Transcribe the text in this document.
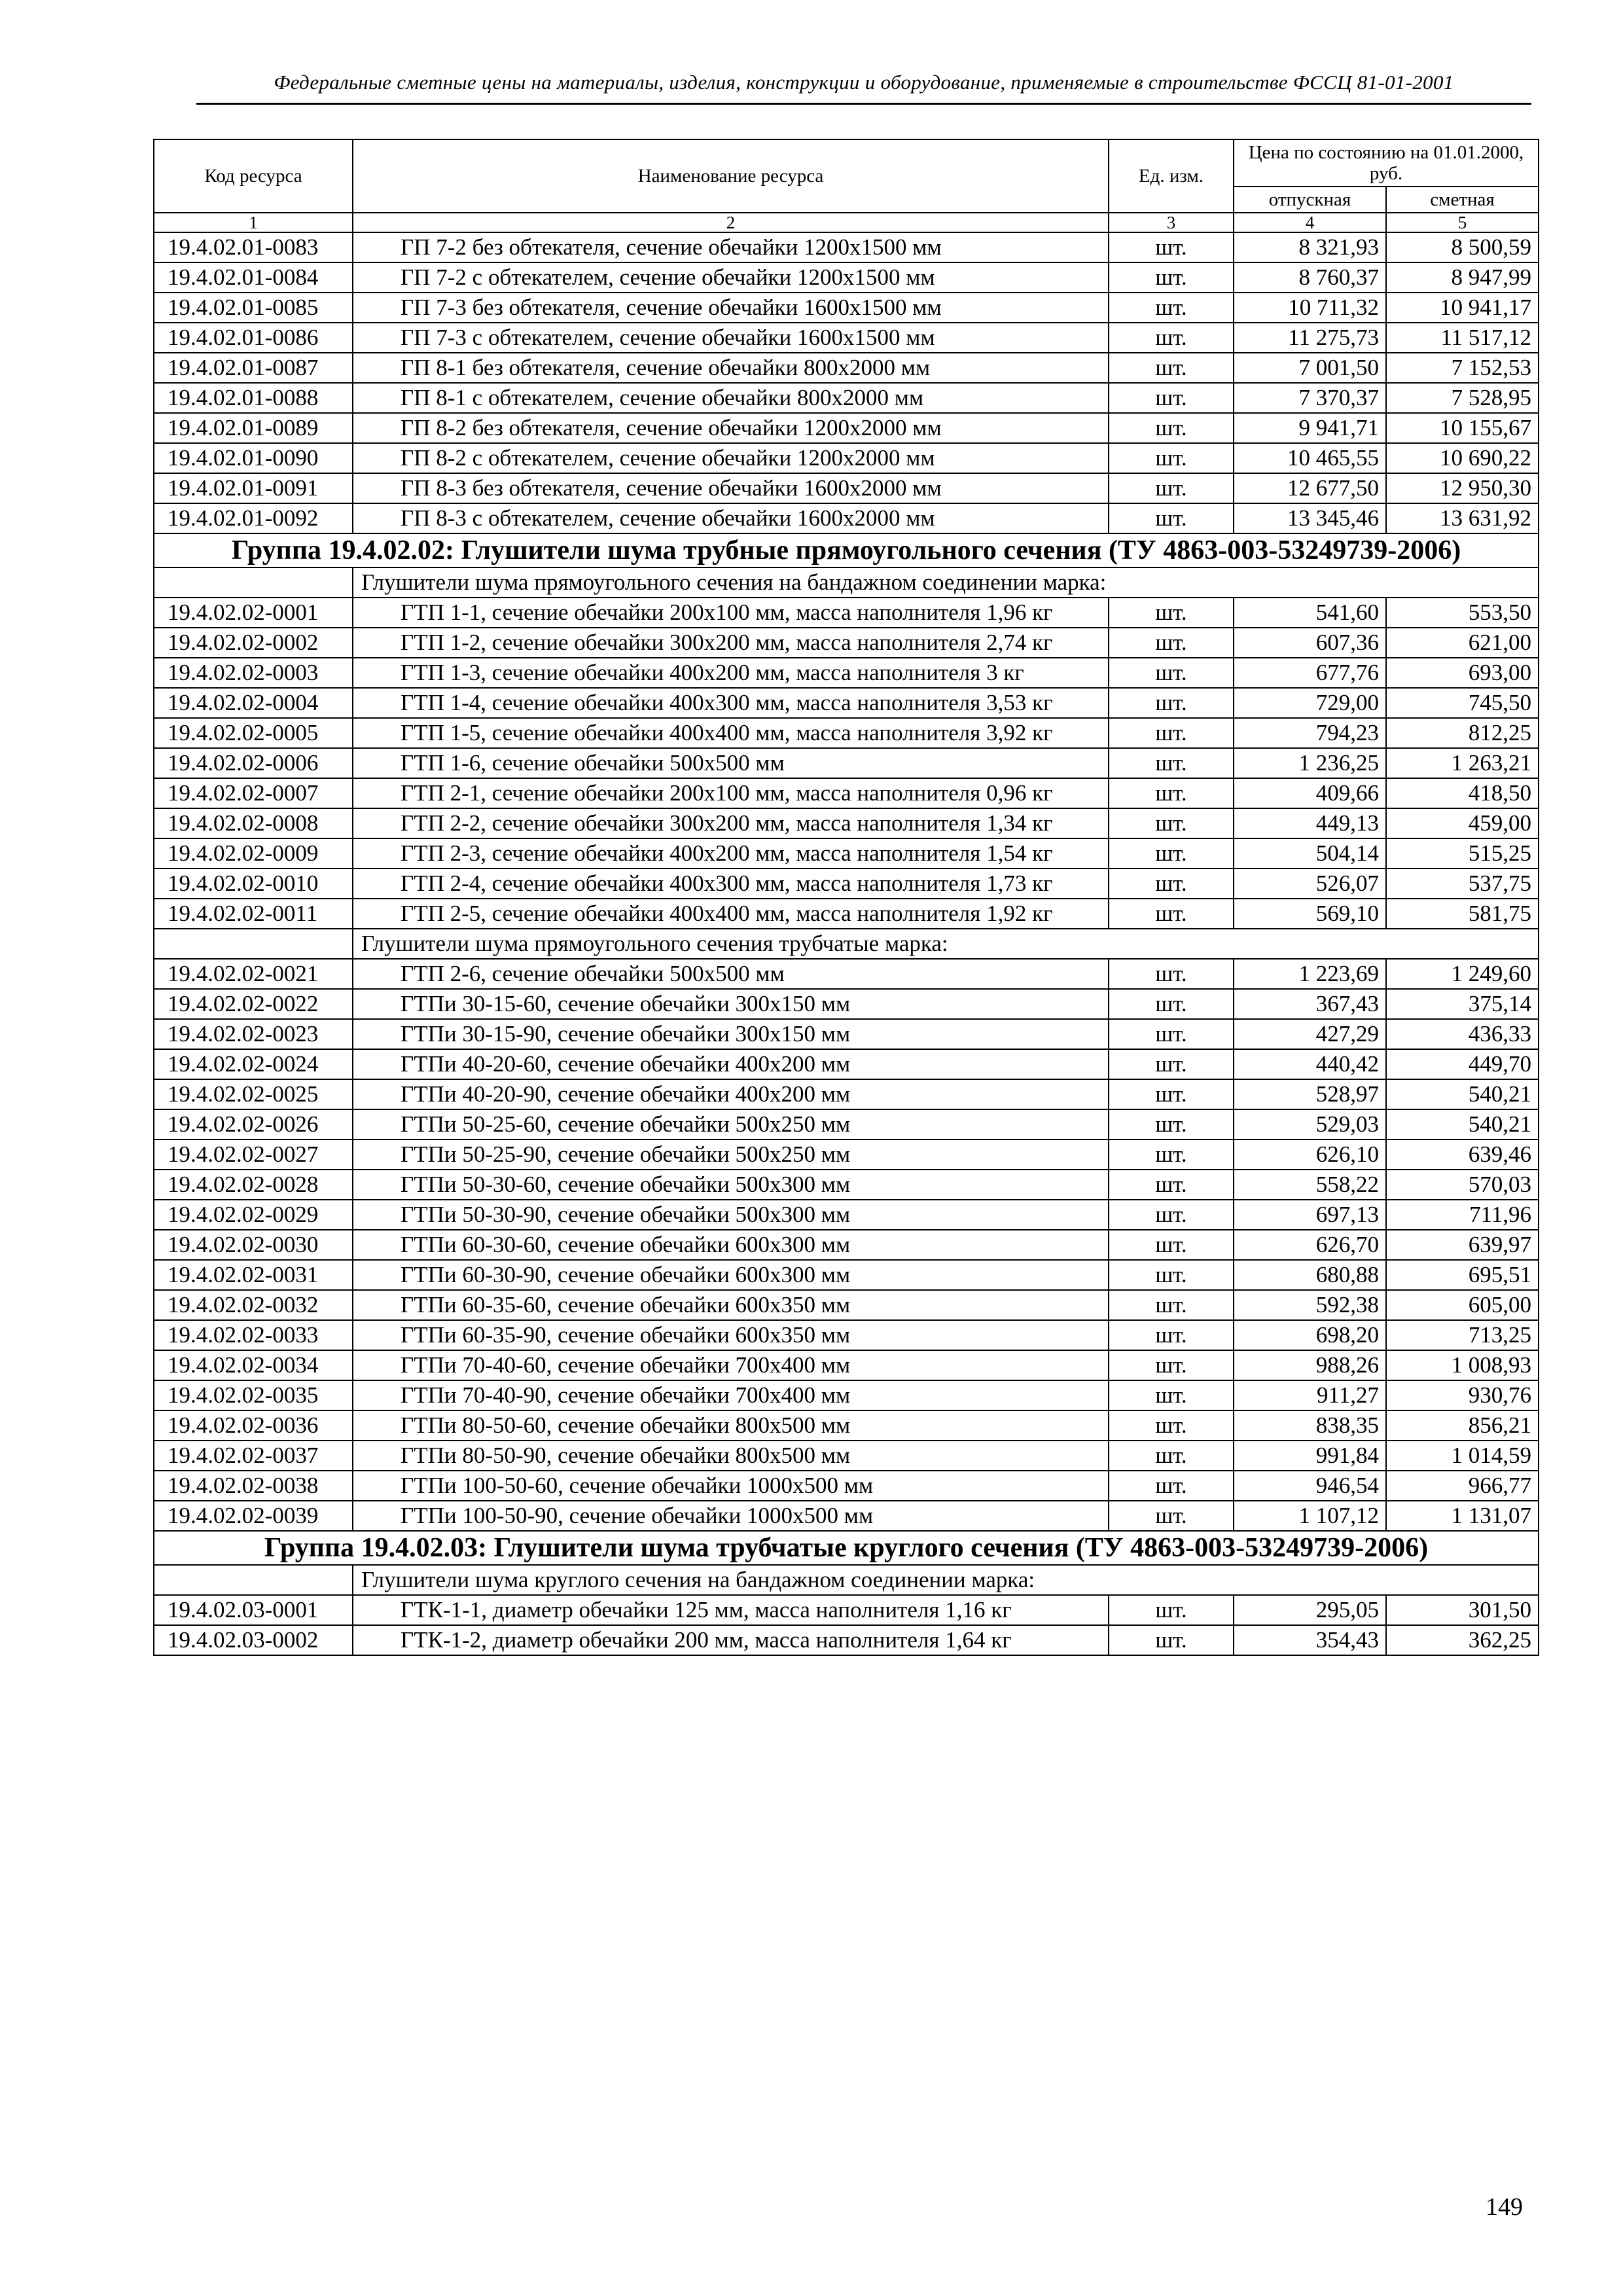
Федеральные сметные цены на материалы, изделия, конструкции и оборудование, применяемые в строительстве ФССЦ 81-01-2001
Код ресурса	Наименование ресурса	Ед. изм.	Цена по состоянию на 01.01.2000, руб.	
			отпускная	сметная
1	2	3	4	5
19.4.02.01-0083	ГП 7-2 без обтекателя, сечение обечайки 1200х1500 мм	шт.	8 321,93	8 500,59
19.4.02.01-0084	ГП 7-2 с обтекателем, сечение обечайки 1200х1500 мм	шт.	8 760,37	8 947,99
19.4.02.01-0085	ГП 7-3 без обтекателя, сечение обечайки 1600х1500 мм	шт.	10 711,32	10 941,17
19.4.02.01-0086	ГП 7-3 с обтекателем, сечение обечайки 1600х1500 мм	шт.	11 275,73	11 517,12
19.4.02.01-0087	ГП 8-1 без обтекателя, сечение обечайки 800х2000 мм	шт.	7 001,50	7 152,53
19.4.02.01-0088	ГП 8-1 с обтекателем, сечение обечайки 800х2000 мм	шт.	7 370,37	7 528,95
19.4.02.01-0089	ГП 8-2 без обтекателя, сечение обечайки 1200х2000 мм	шт.	9 941,71	10 155,67
19.4.02.01-0090	ГП 8-2 с обтекателем, сечение обечайки 1200х2000 мм	шт.	10 465,55	10 690,22
19.4.02.01-0091	ГП 8-3 без обтекателя, сечение обечайки 1600х2000 мм	шт.	12 677,50	12 950,30
19.4.02.01-0092	ГП 8-3 с обтекателем, сечение обечайки 1600х2000 мм	шт.	13 345,46	13 631,92
Группа 19.4.02.02: Глушители шума трубные прямоугольного сечения (ТУ 4863-003-53249739-2006)				
	Глушители шума прямоугольного сечения на бандажном соединении марка:			
19.4.02.02-0001	ГТП 1-1, сечение обечайки 200х100 мм, масса наполнителя 1,96 кг	шт.	541,60	553,50
19.4.02.02-0002	ГТП 1-2, сечение обечайки 300х200 мм, масса наполнителя 2,74 кг	шт.	607,36	621,00
19.4.02.02-0003	ГТП 1-3, сечение обечайки 400х200 мм, масса наполнителя 3 кг	шт.	677,76	693,00
19.4.02.02-0004	ГТП 1-4, сечение обечайки 400х300 мм, масса наполнителя 3,53 кг	шт.	729,00	745,50
19.4.02.02-0005	ГТП 1-5, сечение обечайки 400х400 мм, масса наполнителя 3,92 кг	шт.	794,23	812,25
19.4.02.02-0006	ГТП 1-6, сечение обечайки 500х500 мм	шт.	1 236,25	1 263,21
19.4.02.02-0007	ГТП 2-1, сечение обечайки 200х100 мм, масса наполнителя 0,96 кг	шт.	409,66	418,50
19.4.02.02-0008	ГТП 2-2, сечение обечайки 300х200 мм, масса наполнителя 1,34 кг	шт.	449,13	459,00
19.4.02.02-0009	ГТП 2-3, сечение обечайки 400х200 мм, масса наполнителя 1,54 кг	шт.	504,14	515,25
19.4.02.02-0010	ГТП 2-4, сечение обечайки 400х300 мм, масса наполнителя 1,73 кг	шт.	526,07	537,75
19.4.02.02-0011	ГТП 2-5, сечение обечайки 400х400 мм, масса наполнителя 1,92 кг	шт.	569,10	581,75
	Глушители шума прямоугольного сечения трубчатые марка:			
19.4.02.02-0021	ГТП 2-6, сечение обечайки 500х500 мм	шт.	1 223,69	1 249,60
19.4.02.02-0022	ГТПи 30-15-60, сечение обечайки 300х150 мм	шт.	367,43	375,14
19.4.02.02-0023	ГТПи 30-15-90, сечение обечайки 300х150 мм	шт.	427,29	436,33
19.4.02.02-0024	ГТПи 40-20-60, сечение обечайки 400х200 мм	шт.	440,42	449,70
19.4.02.02-0025	ГТПи 40-20-90, сечение обечайки 400х200 мм	шт.	528,97	540,21
19.4.02.02-0026	ГТПи 50-25-60, сечение обечайки 500х250 мм	шт.	529,03	540,21
19.4.02.02-0027	ГТПи 50-25-90, сечение обечайки 500х250 мм	шт.	626,10	639,46
19.4.02.02-0028	ГТПи 50-30-60, сечение обечайки 500х300 мм	шт.	558,22	570,03
19.4.02.02-0029	ГТПи 50-30-90, сечение обечайки 500х300 мм	шт.	697,13	711,96
19.4.02.02-0030	ГТПи 60-30-60, сечение обечайки 600х300 мм	шт.	626,70	639,97
19.4.02.02-0031	ГТПи 60-30-90, сечение обечайки 600х300 мм	шт.	680,88	695,51
19.4.02.02-0032	ГТПи 60-35-60, сечение обечайки 600х350 мм	шт.	592,38	605,00
19.4.02.02-0033	ГТПи 60-35-90, сечение обечайки 600х350 мм	шт.	698,20	713,25
19.4.02.02-0034	ГТПи 70-40-60, сечение обечайки 700х400 мм	шт.	988,26	1 008,93
19.4.02.02-0035	ГТПи 70-40-90, сечение обечайки 700х400 мм	шт.	911,27	930,76
19.4.02.02-0036	ГТПи 80-50-60, сечение обечайки 800х500 мм	шт.	838,35	856,21
19.4.02.02-0037	ГТПи 80-50-90, сечение обечайки 800х500 мм	шт.	991,84	1 014,59
19.4.02.02-0038	ГТПи 100-50-60, сечение обечайки 1000х500 мм	шт.	946,54	966,77
19.4.02.02-0039	ГТПи 100-50-90, сечение обечайки 1000х500 мм	шт.	1 107,12	1 131,07
Группа 19.4.02.03: Глушители шума трубчатые круглого сечения (ТУ 4863-003-53249739-2006)				
	Глушители шума круглого сечения на бандажном соединении марка:			
19.4.02.03-0001	ГТК-1-1, диаметр обечайки 125 мм, масса наполнителя 1,16 кг	шт.	295,05	301,50
19.4.02.03-0002	ГТК-1-2, диаметр обечайки 200 мм, масса наполнителя 1,64 кг	шт.	354,43	362,25
149
